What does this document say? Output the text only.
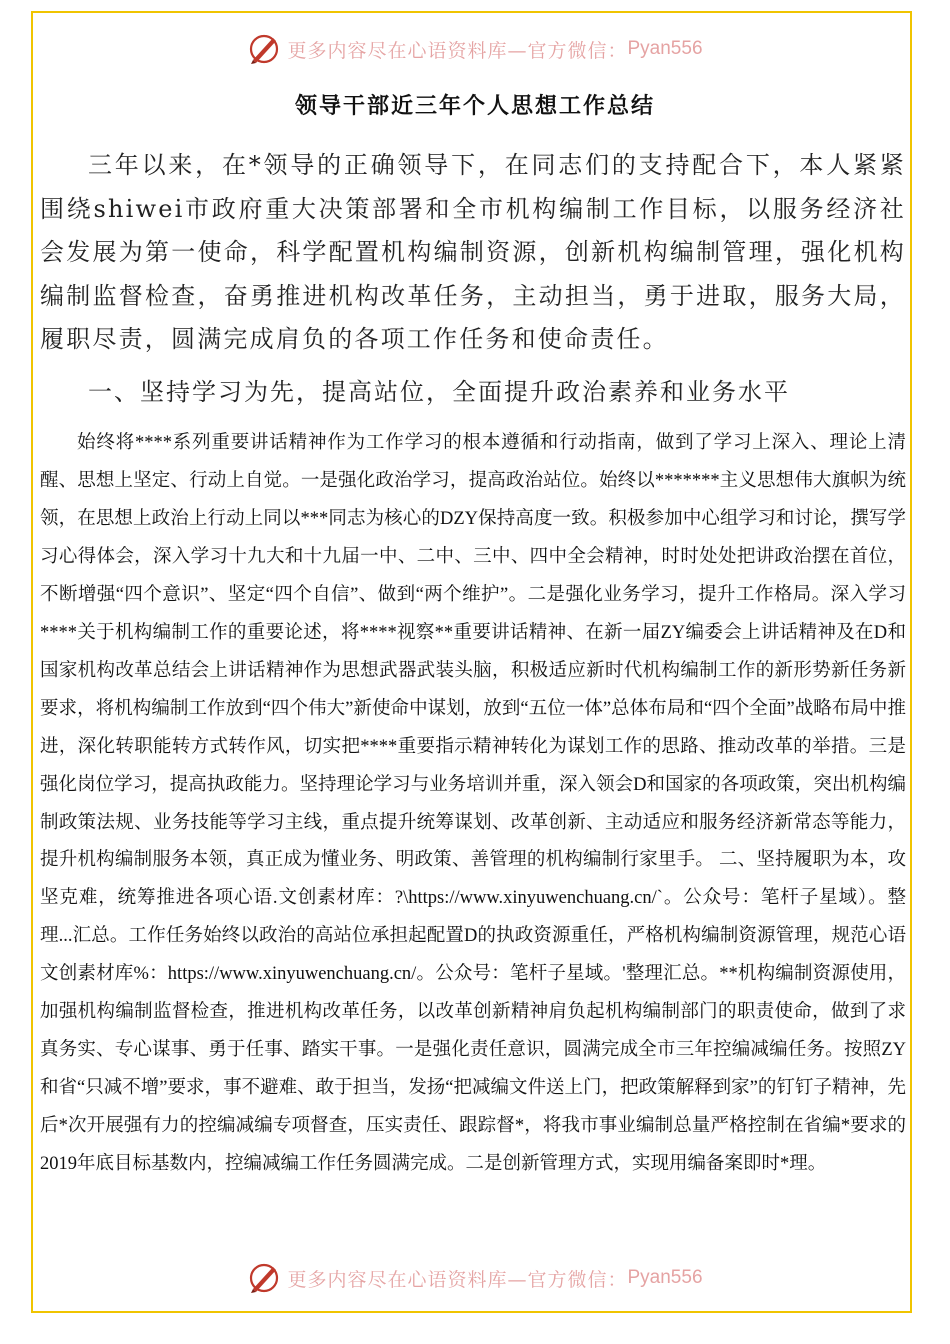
更多内容尽在心语资料库—官方微信： Pyan556
领导干部近三年个人思想工作总结

三年以来，在*领导的正确领导下，在同志们的支持配合下，本人紧紧围绕shiwei市政府重大决策部署和全市机构编制工作目标，以服务经济社会发展为第一使命，科学配置机构编制资源，创新机构编制管理，强化机构编制监督检查，奋勇推进机构改革任务，主动担当，勇于进取，服务大局，履职尽责，圆满完成肩负的各项工作任务和使命责任。

一、坚持学习为先，提高站位，全面提升政治素养和业务水平

始终将****系列重要讲话精神作为工作学习的根本遵循和行动指南，做到了学习上深入、理论上清醒、思想上坚定、行动上自觉。一是强化政治学习，提高政治站位。始终以*******主义思想伟大旗帜为统领，在思想上政治上行动上同以***同志为核心的DZY保持高度一致。积极参加中心组学习和讨论，撰写学习心得体会，深入学习十九大和十九届一中、二中、三中、四中全会精神，时时处处把讲政治摆在首位，不断增强“四个意识”、坚定“四个自信”、做到“两个维护”。二是强化业务学习，提升工作格局。深入学习****关于机构编制工作的重要论述，将****视察**重要讲话精神、在新一届ZY编委会上讲话精神及在D和国家机构改革总结会上讲话精神作为思想武器武装头脑，积极适应新时代机构编制工作的新形势新任务新要求，将机构编制工作放到“四个伟大”新使命中谋划，放到“五位一体”总体布局和“四个全面”战略布局中推进，深化转职能转方式转作风，切实把****重要指示精神转化为谋划工作的思路、推动改革的举措。三是强化岗位学习，提高执政能力。坚持理论学习与业务培训并重，深入领会D和国家的各项政策，突出机构编制政策法规、业务技能等学习主线，重点提升统筹谋划、改革创新、主动适应和服务经济新常态等能力，提升机构编制服务本领，真正成为懂业务、明政策、善管理的机构编制行家里手。 二、坚持履职为本，攻坚克难，统筹推进各项心语.文创素材库：?\https://www.xinyuwenchuang.cn/`。公众号：笔杆子星域）。整理...汇总。工作任务始终以政治的高站位承担起配置D的执政资源重任，严格机构编制资源管理，规范心语文创素材库%：https://www.xinyuwenchuang.cn/。公众号：笔杆子星域。'整理汇总。**机构编制资源使用，加强机构编制监督检查，推进机构改革任务，以改革创新精神肩负起机构编制部门的职责使命，做到了求真务实、专心谋事、勇于任事、踏实干事。一是强化责任意识，圆满完成全市三年控编减编任务。按照ZY和省“只减不增”要求，事不避难、敢于担当，发扬“把减编文件送上门，把政策解释到家”的钉钉子精神，先后*次开展强有力的控编减编专项督查，压实责任、跟踪督*，将我市事业编制总量严格控制在省编*要求的2019年底目标基数内，控编减编工作任务圆满完成。二是创新管理方式，实现用编备案即时*理。

更多内容尽在心语资料库—官方微信： Pyan556
